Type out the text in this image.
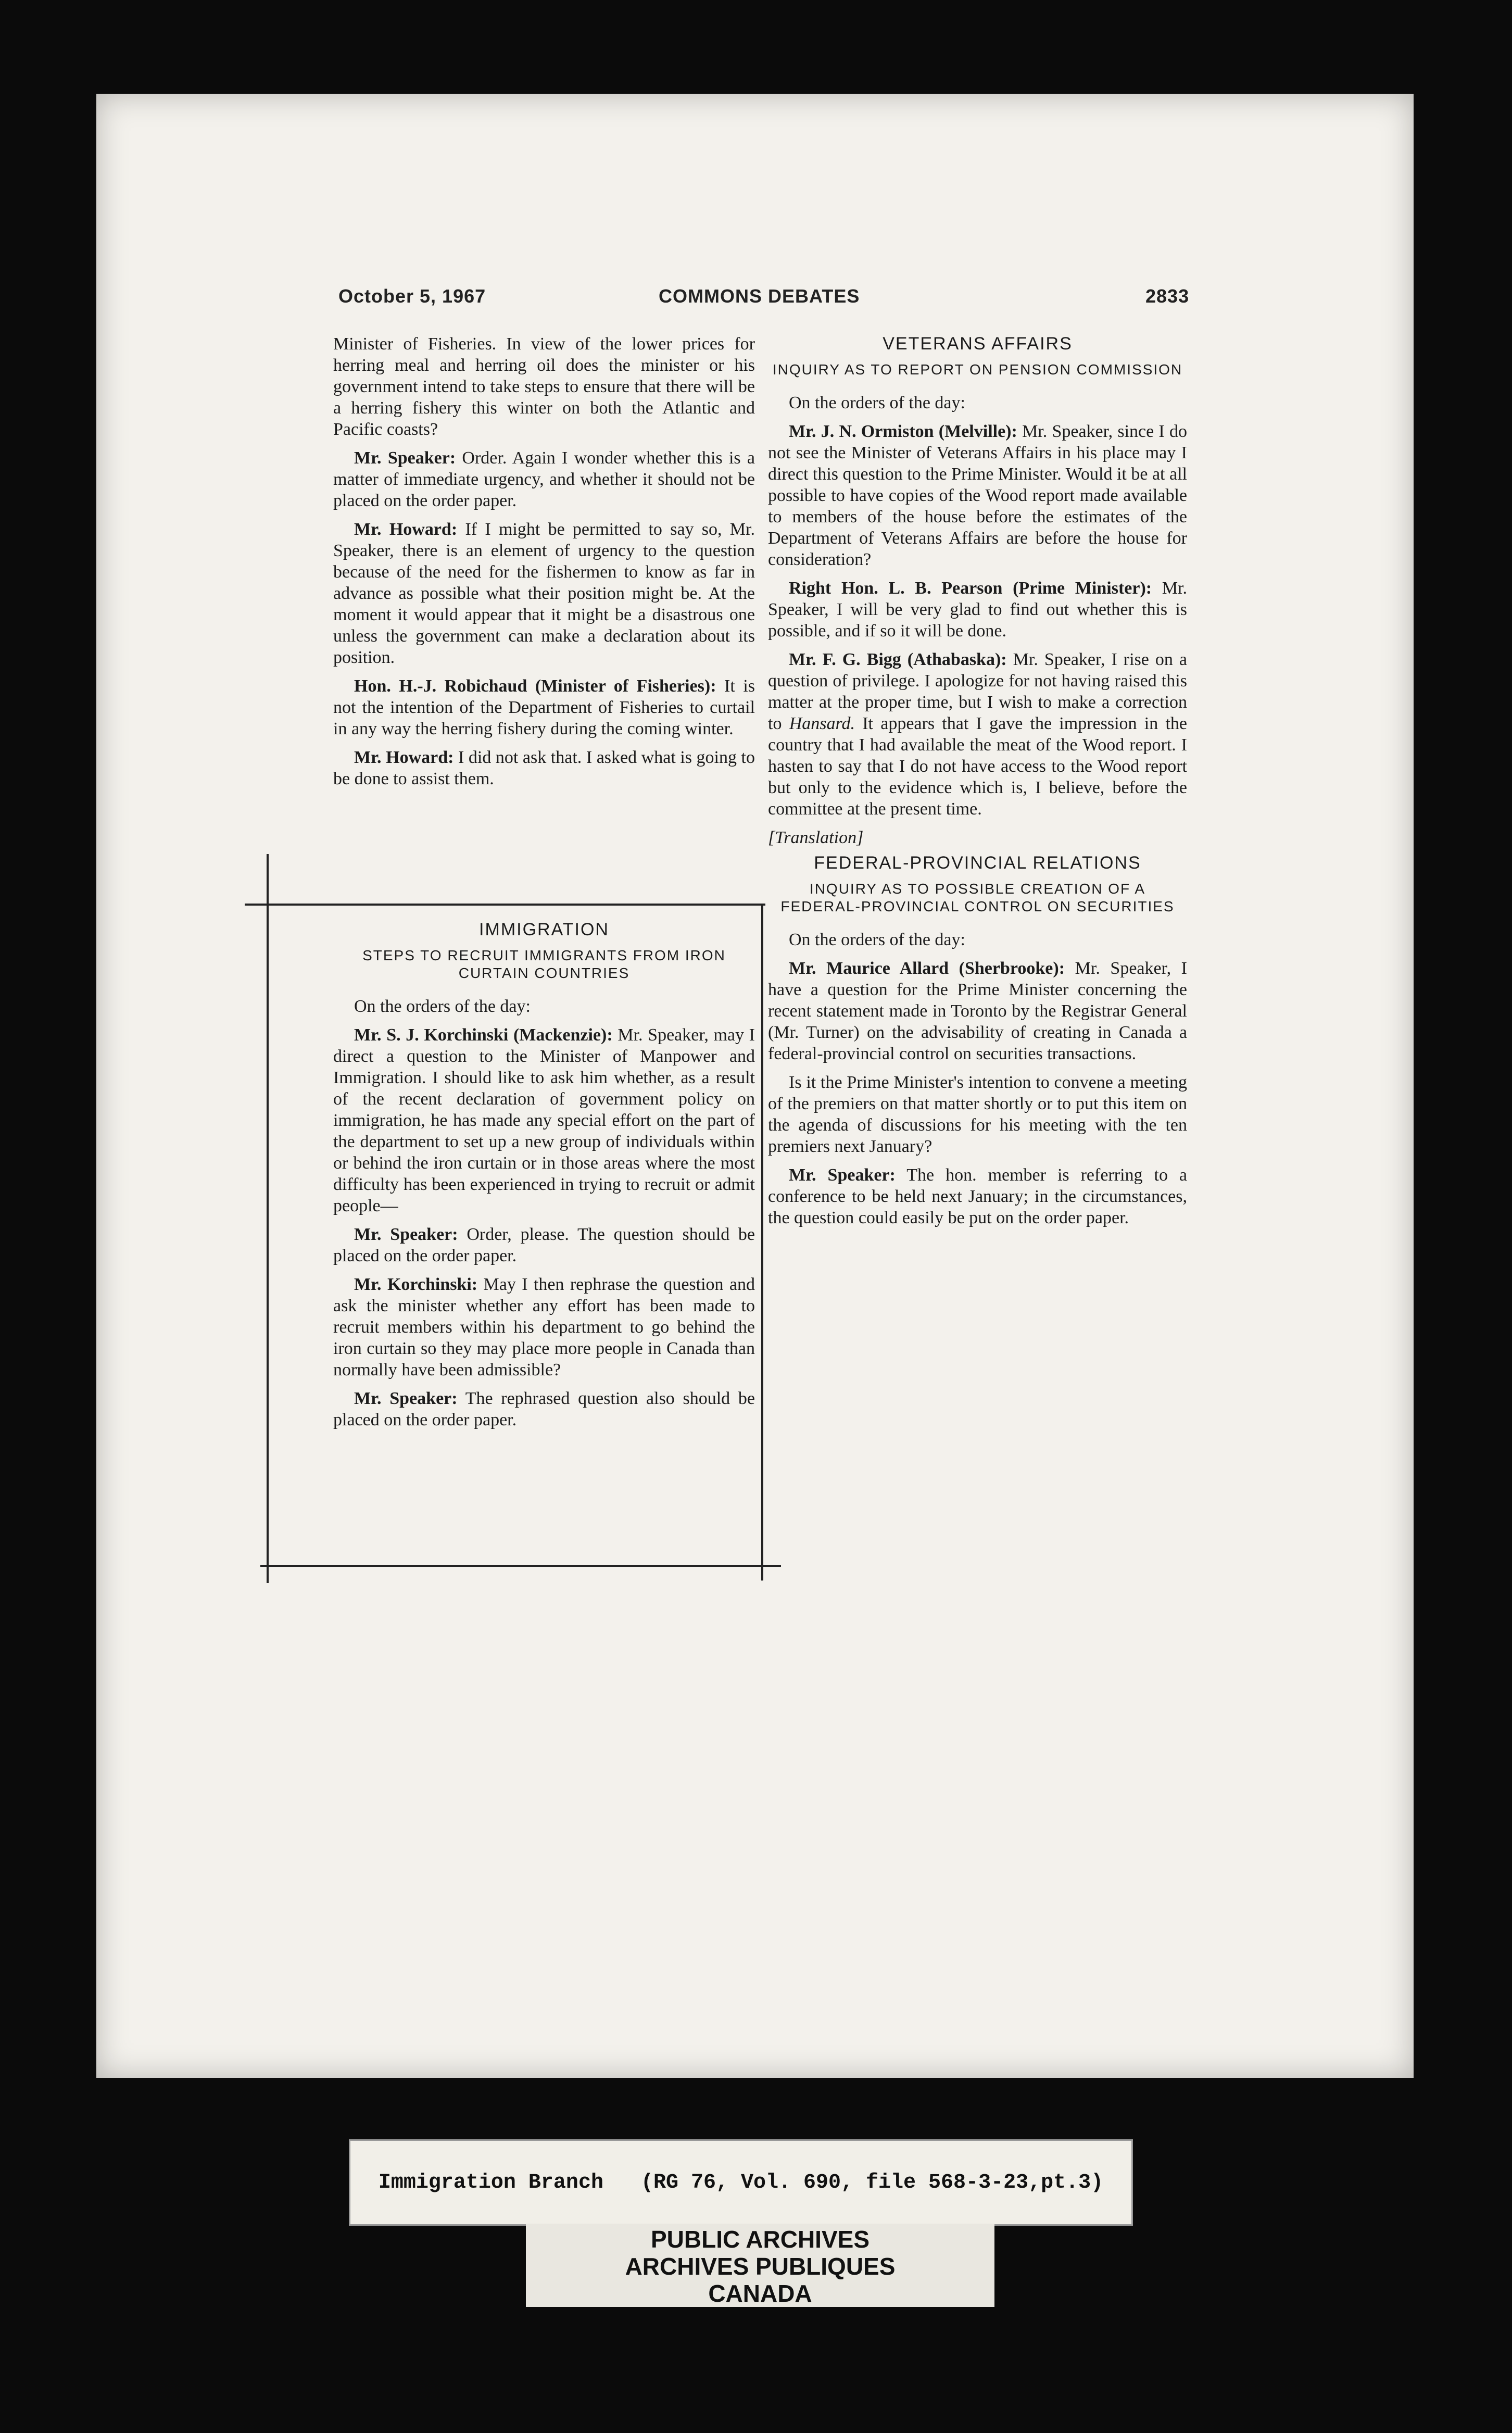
October 5, 1967	COMMONS DEBATES	2833

Minister of Fisheries. In view of the lower prices for herring meal and herring oil does the minister or his government intend to take steps to ensure that there will be a herring fishery this winter on both the Atlantic and Pacific coasts?

Mr. Speaker: Order. Again I wonder whether this is a matter of immediate urgency, and whether it should not be placed on the order paper.

Mr. Howard: If I might be permitted to say so, Mr. Speaker, there is an element of urgency to the question because of the need for the fishermen to know as far in advance as possible what their position might be. At the moment it would appear that it might be a disastrous one unless the government can make a declaration about its position.

Hon. H.-J. Robichaud (Minister of Fisheries): It is not the intention of the Department of Fisheries to curtail in any way the herring fishery during the coming winter.

Mr. Howard: I did not ask that. I asked what is going to be done to assist them.

IMMIGRATION
STEPS TO RECRUIT IMMIGRANTS FROM IRON CURTAIN COUNTRIES

On the orders of the day:

Mr. S. J. Korchinski (Mackenzie): Mr. Speaker, may I direct a question to the Minister of Manpower and Immigration. I should like to ask him whether, as a result of the recent declaration of government policy on immigration, he has made any special effort on the part of the department to set up a new group of individuals within or behind the iron curtain or in those areas where the most difficulty has been experienced in trying to recruit or admit people—

Mr. Speaker: Order, please. The question should be placed on the order paper.

Mr. Korchinski: May I then rephrase the question and ask the minister whether any effort has been made to recruit members within his department to go behind the iron curtain so they may place more people in Canada than normally have been admissible?

Mr. Speaker: The rephrased question also should be placed on the order paper.

VETERANS AFFAIRS
INQUIRY AS TO REPORT ON PENSION COMMISSION

On the orders of the day:

Mr. J. N. Ormiston (Melville): Mr. Speaker, since I do not see the Minister of Veterans Affairs in his place may I direct this question to the Prime Minister. Would it be at all possible to have copies of the Wood report made available to members of the house before the estimates of the Department of Veterans Affairs are before the house for consideration?

Right Hon. L. B. Pearson (Prime Minister): Mr. Speaker, I will be very glad to find out whether this is possible, and if so it will be done.

Mr. F. G. Bigg (Athabaska): Mr. Speaker, I rise on a question of privilege. I apologize for not having raised this matter at the proper time, but I wish to make a correction to Hansard. It appears that I gave the impression in the country that I had available the meat of the Wood report. I hasten to say that I do not have access to the Wood report but only to the evidence which is, I believe, before the committee at the present time.

[Translation]
FEDERAL-PROVINCIAL RELATIONS
INQUIRY AS TO POSSIBLE CREATION OF A FEDERAL-PROVINCIAL CONTROL ON SECURITIES

On the orders of the day:

Mr. Maurice Allard (Sherbrooke): Mr. Speaker, I have a question for the Prime Minister concerning the recent statement made in Toronto by the Registrar General (Mr. Turner) on the advisability of creating in Canada a federal-provincial control on securities transactions.

Is it the Prime Minister's intention to convene a meeting of the premiers on that matter shortly or to put this item on the agenda of discussions for his meeting with the ten premiers next January?

Mr. Speaker: The hon. member is referring to a conference to be held next January; in the circumstances, the question could easily be put on the order paper.

Immigration Branch   (RG 76, Vol. 690, file 568-3-23,pt.3)
PUBLIC ARCHIVES
ARCHIVES PUBLIQUES
CANADA
